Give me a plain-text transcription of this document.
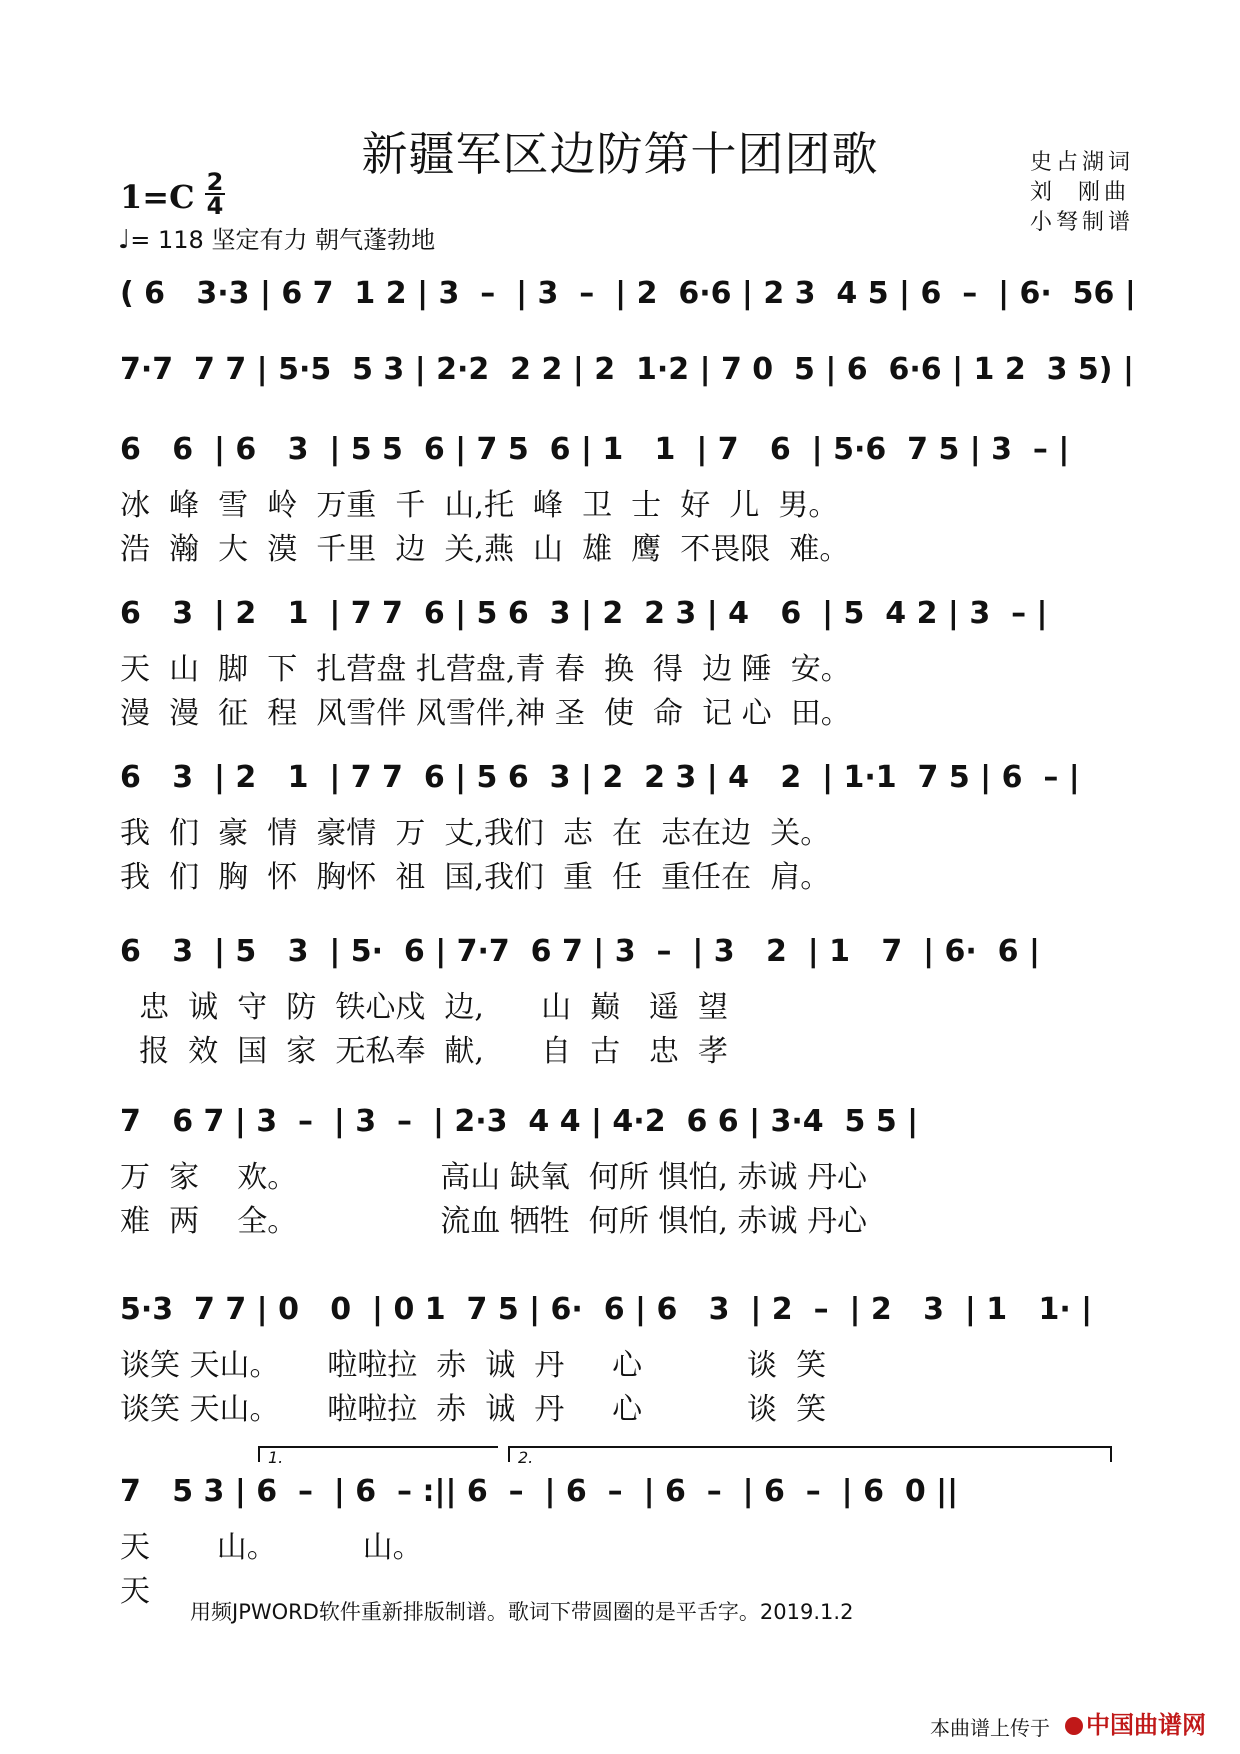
新疆军区边防第十团团歌	史占湖词
刘  刚曲
小弩制谱
1=C 2
4
♩= 118 坚定有力 朝气蓬勃地
( 6   3·3 | 6 7  1 2 | 3  –  | 3  –  | 2  6·6 | 2 3  4 5 | 6  –  | 6·  56 |
7·7  7 7 | 5·5  5 3 | 2·2  2 2 | 2  1·2 | 7 0  5 | 6  6·6 | 1 2  3 5) |
6   6  | 6   3  | 5 5  6 | 7 5  6 | 1   1  | 7   6  | 5·6  7 5 | 3  – |
冰  峰  雪  岭  万重  千  山,托  峰  卫  士  好  儿  男。
浩  瀚  大  漠  千里  边  关,燕  山  雄  鹰  不畏限  难。
6   3  | 2   1  | 7 7  6 | 5 6  3 | 2  2 3 | 4   6  | 5  4 2 | 3  – |
天  山  脚  下  扎营盘 扎营盘,青 春  换  得  边 陲  安。
漫  漫  征  程  风雪伴 风雪伴,神 圣  使  命  记 心  田。
6   3  | 2   1  | 7 7  6 | 5 6  3 | 2  2 3 | 4   2  | 1·1  7 5 | 6  – |
我  们  豪  情  豪情  万  丈,我们  志  在  志在边  关。
我  们  胸  怀  胸怀  祖  国,我们  重  任  重任在  肩。
6   3  | 5   3  | 5·  6 | 7·7  6 7 | 3  –  | 3   2  | 1   7  | 6·  6 |
忠  诚  守  防  铁心戍  边,      山  巅   遥  望
报  效  国  家  无私奉  献,      自  古   忠  孝
7   6 7 | 3  –  | 3  –  | 2·3  4 4 | 4·2  6 6 | 3·4  5 5 |
万  家    欢。               高山 缺氧  何所 惧怕, 赤诚 丹心
难  两    全。               流血 牺牲  何所 惧怕, 赤诚 丹心
5·3  7 7 | 0   0  | 0 1  7 5 | 6·  6 | 6   3  | 2  –  | 2   3  | 1   1· |
谈笑 天山。     啦啦拉  赤  诚  丹     心           谈  笑
谈笑 天山。     啦啦拉  赤  诚  丹     心           谈  笑
7   5 3 | 6  –  | 6  – :|| 6  –  | 6  –  | 6  –  | 6  –  | 6  0 ||
天       山。         山。
天
1.	2.
用频JPWORD软件重新排版制谱。歌词下带圆圈的是平舌字。2019.1.2
本曲谱上传于	中国曲谱网
